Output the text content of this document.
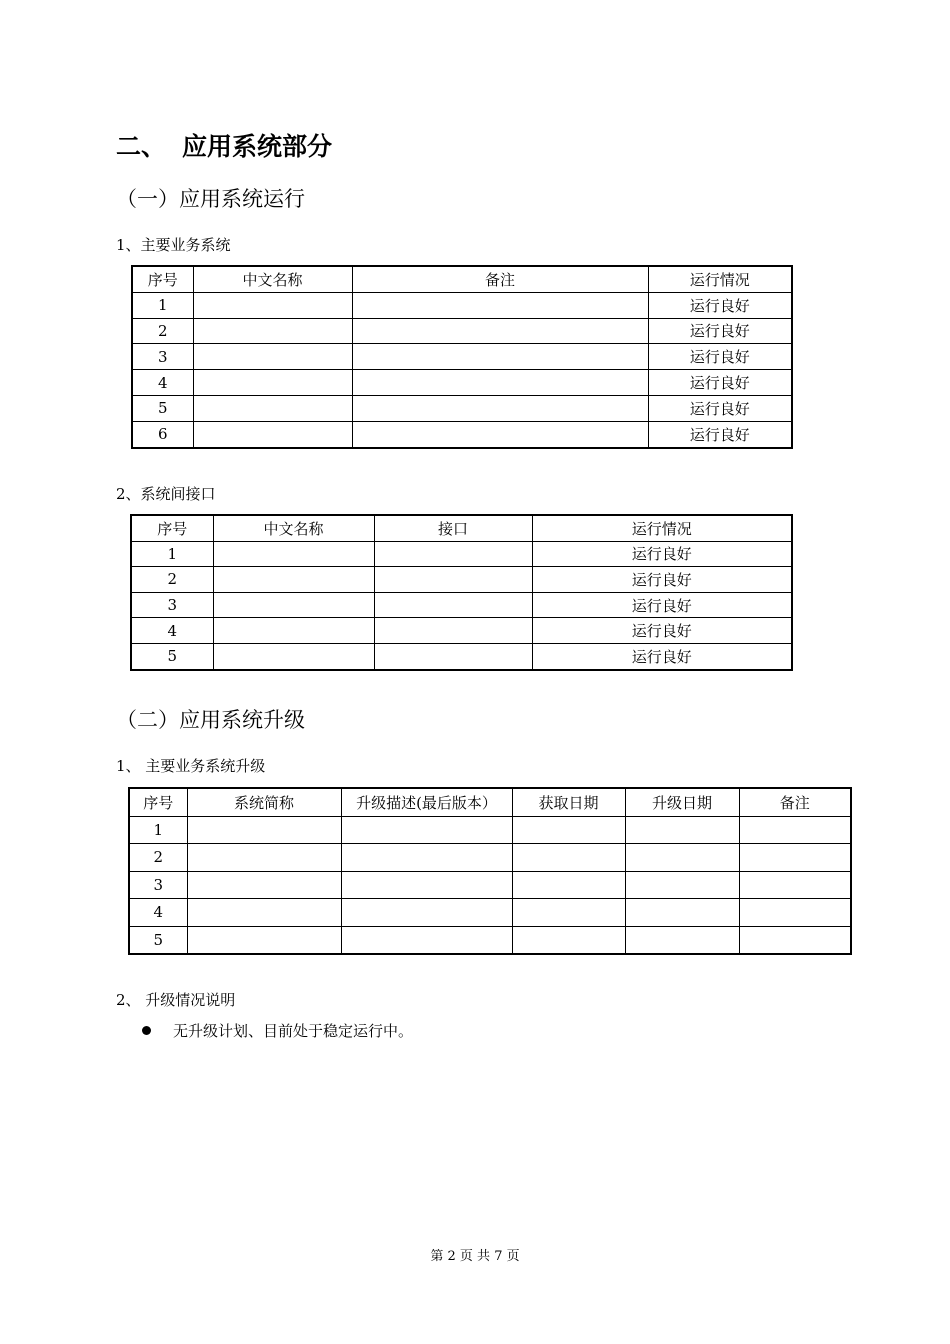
二、 应用系统部分
（一）应用系统运行
1、主要业务系统
序号	中文名称	备注	运行情况
1			运行良好
2			运行良好
3			运行良好
4			运行良好
5			运行良好
6			运行良好
2、系统间接口
序号	中文名称	接口	运行情况
1			运行良好
2			运行良好
3			运行良好
4			运行良好
5			运行良好
（二）应用系统升级
1、 主要业务系统升级
序号	系统简称	升级描述(最后版本）	获取日期	升级日期	备注
1					
2					
3					
4					
5					
2、 升级情况说明
无升级计划、目前处于稳定运行中。
第 2 页 共 7 页
